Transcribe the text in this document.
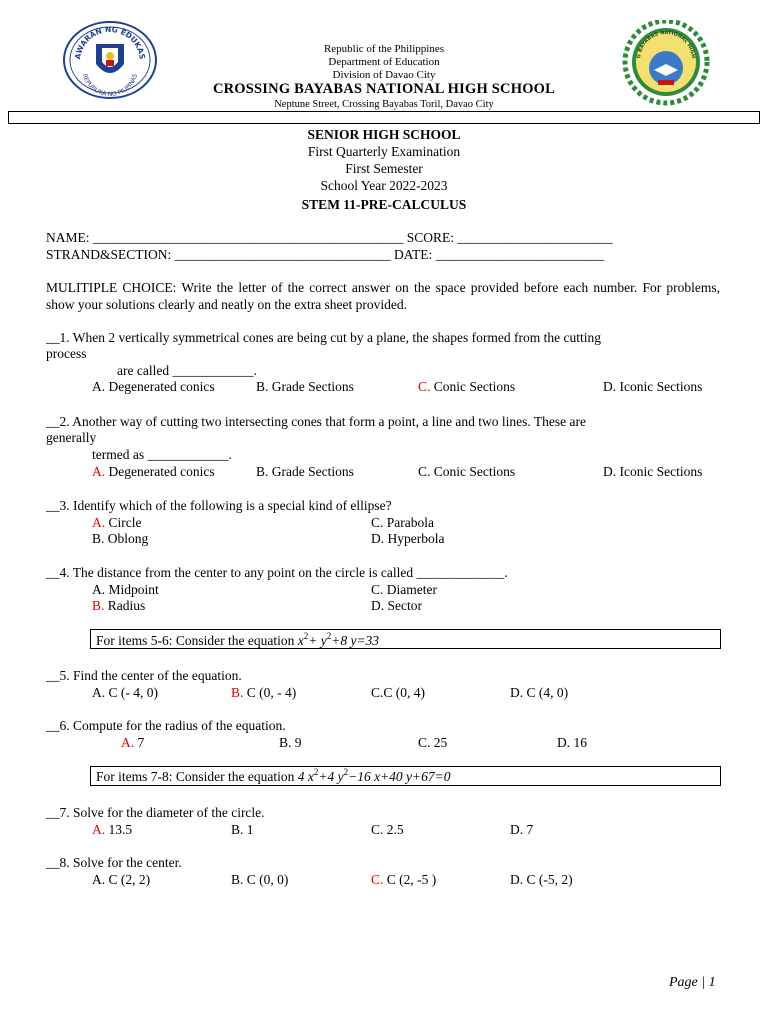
AWARAN NG EDUKAS
REPUBLIKA NG PILIPINAS
G BAYABAS NATIONAL HIGH
Republic of the Philippines
Department of Education
Division of Davao City
CROSSING BAYABAS NATIONAL HIGH SCHOOL
Neptune Street, Crossing Bayabas Toril, Davao City
SENIOR HIGH SCHOOL
First Quarterly Examination
First Semester
School Year 2022-2023
STEM 11-PRE-CALCULUS
NAME: ______________________________________________ SCORE: _______________________
STRAND&SECTION: ________________________________ DATE: _________________________
MULITIPLE CHOICE: Write the letter of the correct answer on the space provided before each number. For problems, show your solutions clearly and neatly on the extra sheet provided.
__1. When 2 vertically symmetrical cones are being cut by a plane, the shapes formed from the cutting
process
are called ____________.
A. Degenerated conics	B. Grade Sections	C. Conic Sections	D. Iconic Sections
__2. Another way of cutting two intersecting cones that form a point, a line and two lines. These are
generally
termed as ____________.
A. Degenerated conics	B. Grade Sections	C. Conic Sections	D. Iconic Sections
__3. Identify which of the following is a special kind of ellipse?
A. Circle	C. Parabola
B. Oblong	D. Hyperbola
__4. The distance from the center to any point on the circle is called _____________.
A. Midpoint	C. Diameter
B. Radius	D. Sector
For items 5-6: Consider the equation $x^2+ y^2+8$ y=33
__5. Find the center of the equation.
A. C (- 4, 0)	B. C (0, - 4)	C.C (0, 4)	D. C (4, 0)
__6. Compute for the radius of the equation.
A. 7	B. 9	C. 25	D. 16
For items 7-8: Consider the equation 4 $x^2+4$ $y^2-16$ x+40 y+67=0
__7. Solve for the diameter of the circle.
A. 13.5	B. 1	C. 2.5	D. 7
__8. Solve for the center.
A. C (2, 2)	B. C (0, 0)	C. C (2, -5 )	D. C (-5, 2)
Page | 1
